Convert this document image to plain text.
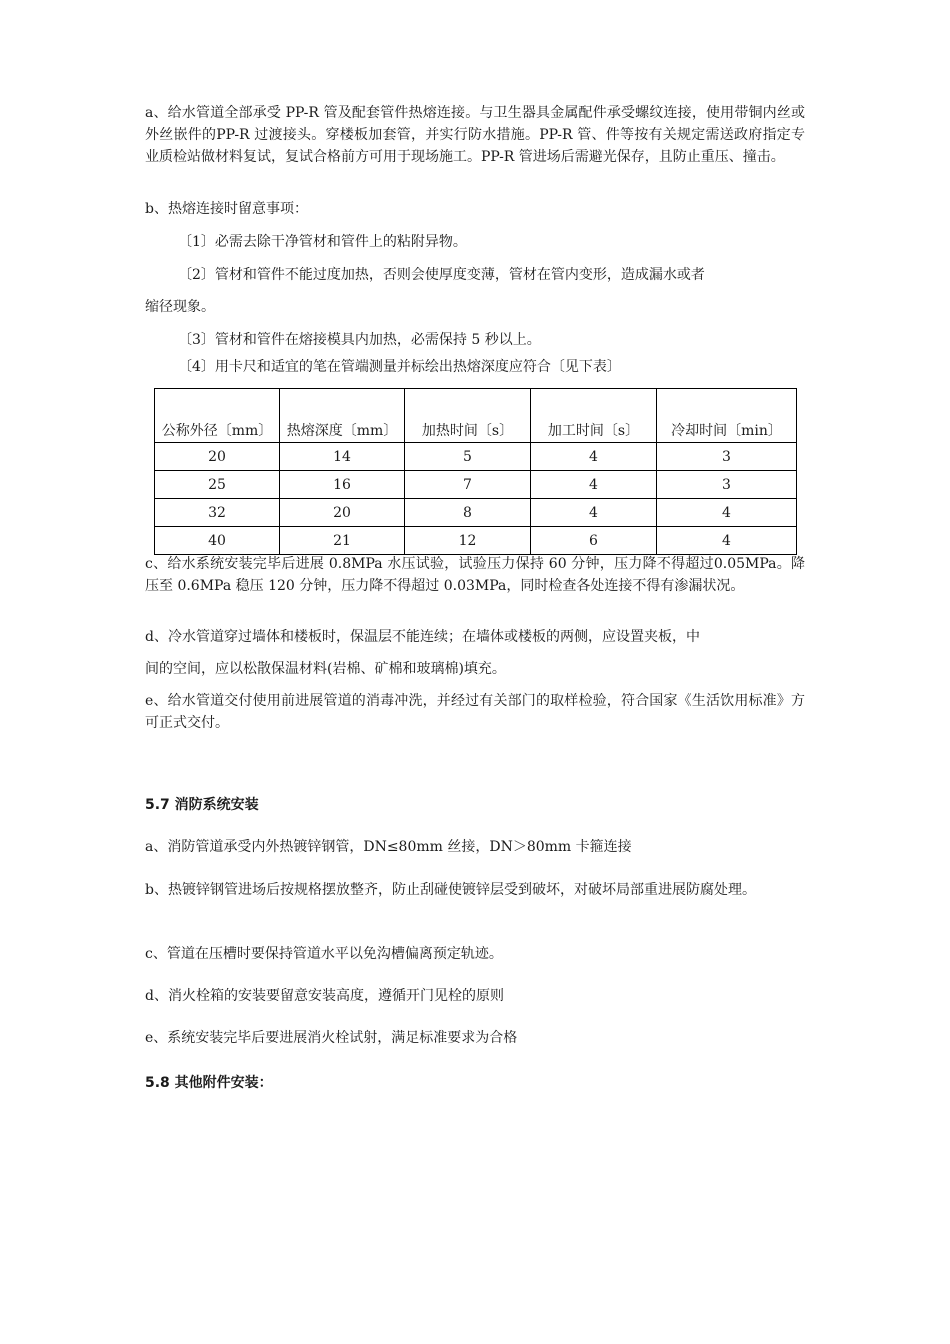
a、给水管道全部承受 PP-R 管及配套管件热熔连接。与卫生器具金属配件承受螺纹连接，使用带铜内丝或外丝嵌件的PP-R 过渡接头。穿楼板加套管，并实行防水措施。PP-R 管、件等按有关规定需送政府指定专业质检站做材料复试，复试合格前方可用于现场施工。PP-R 管进场后需避光保存，且防止重压、撞击。

b、热熔连接时留意事项：

〔1〕必需去除干净管材和管件上的粘附异物。

〔2〕管材和管件不能过度加热，否则会使厚度变薄，管材在管内变形，造成漏水或者

缩径现象。

〔3〕管材和管件在熔接模具内加热，必需保持 5 秒以上。

〔4〕用卡尺和适宜的笔在管端测量并标绘出热熔深度应符合〔见下表〕

公称外径〔mm〕	热熔深度〔mm〕	加热时间〔s〕	加工时间〔s〕	冷却时间〔min〕
20	14	5	4	3
25	16	7	4	3
32	20	8	4	4
40	21	12	6	4

c、给水系统安装完毕后进展 0.8MPa 水压试验，试验压力保持 60 分钟，压力降不得超过0.05MPa。降压至 0.6MPa 稳压 120 分钟，压力降不得超过 0.03MPa，同时检查各处连接不得有渗漏状况。

d、冷水管道穿过墙体和楼板时，保温层不能连续；在墙体或楼板的两侧，应设置夹板，中

间的空间，应以松散保温材料(岩棉、矿棉和玻璃棉)填充。

e、给水管道交付使用前进展管道的消毒冲洗，并经过有关部门的取样检验，符合国家《生活饮用标准》方可正式交付。

5.7 消防系统安装

a、消防管道承受内外热镀锌钢管，DN≤80mm 丝接，DN＞80mm 卡箍连接

b、热镀锌钢管进场后按规格摆放整齐，防止刮碰使镀锌层受到破坏，对破坏局部重进展防腐处理。

c、管道在压槽时要保持管道水平以免沟槽偏离预定轨迹。

d、消火栓箱的安装要留意安装高度，遵循开门见栓的原则

e、系统安装完毕后要进展消火栓试射，满足标准要求为合格

5.8 其他附件安装：
